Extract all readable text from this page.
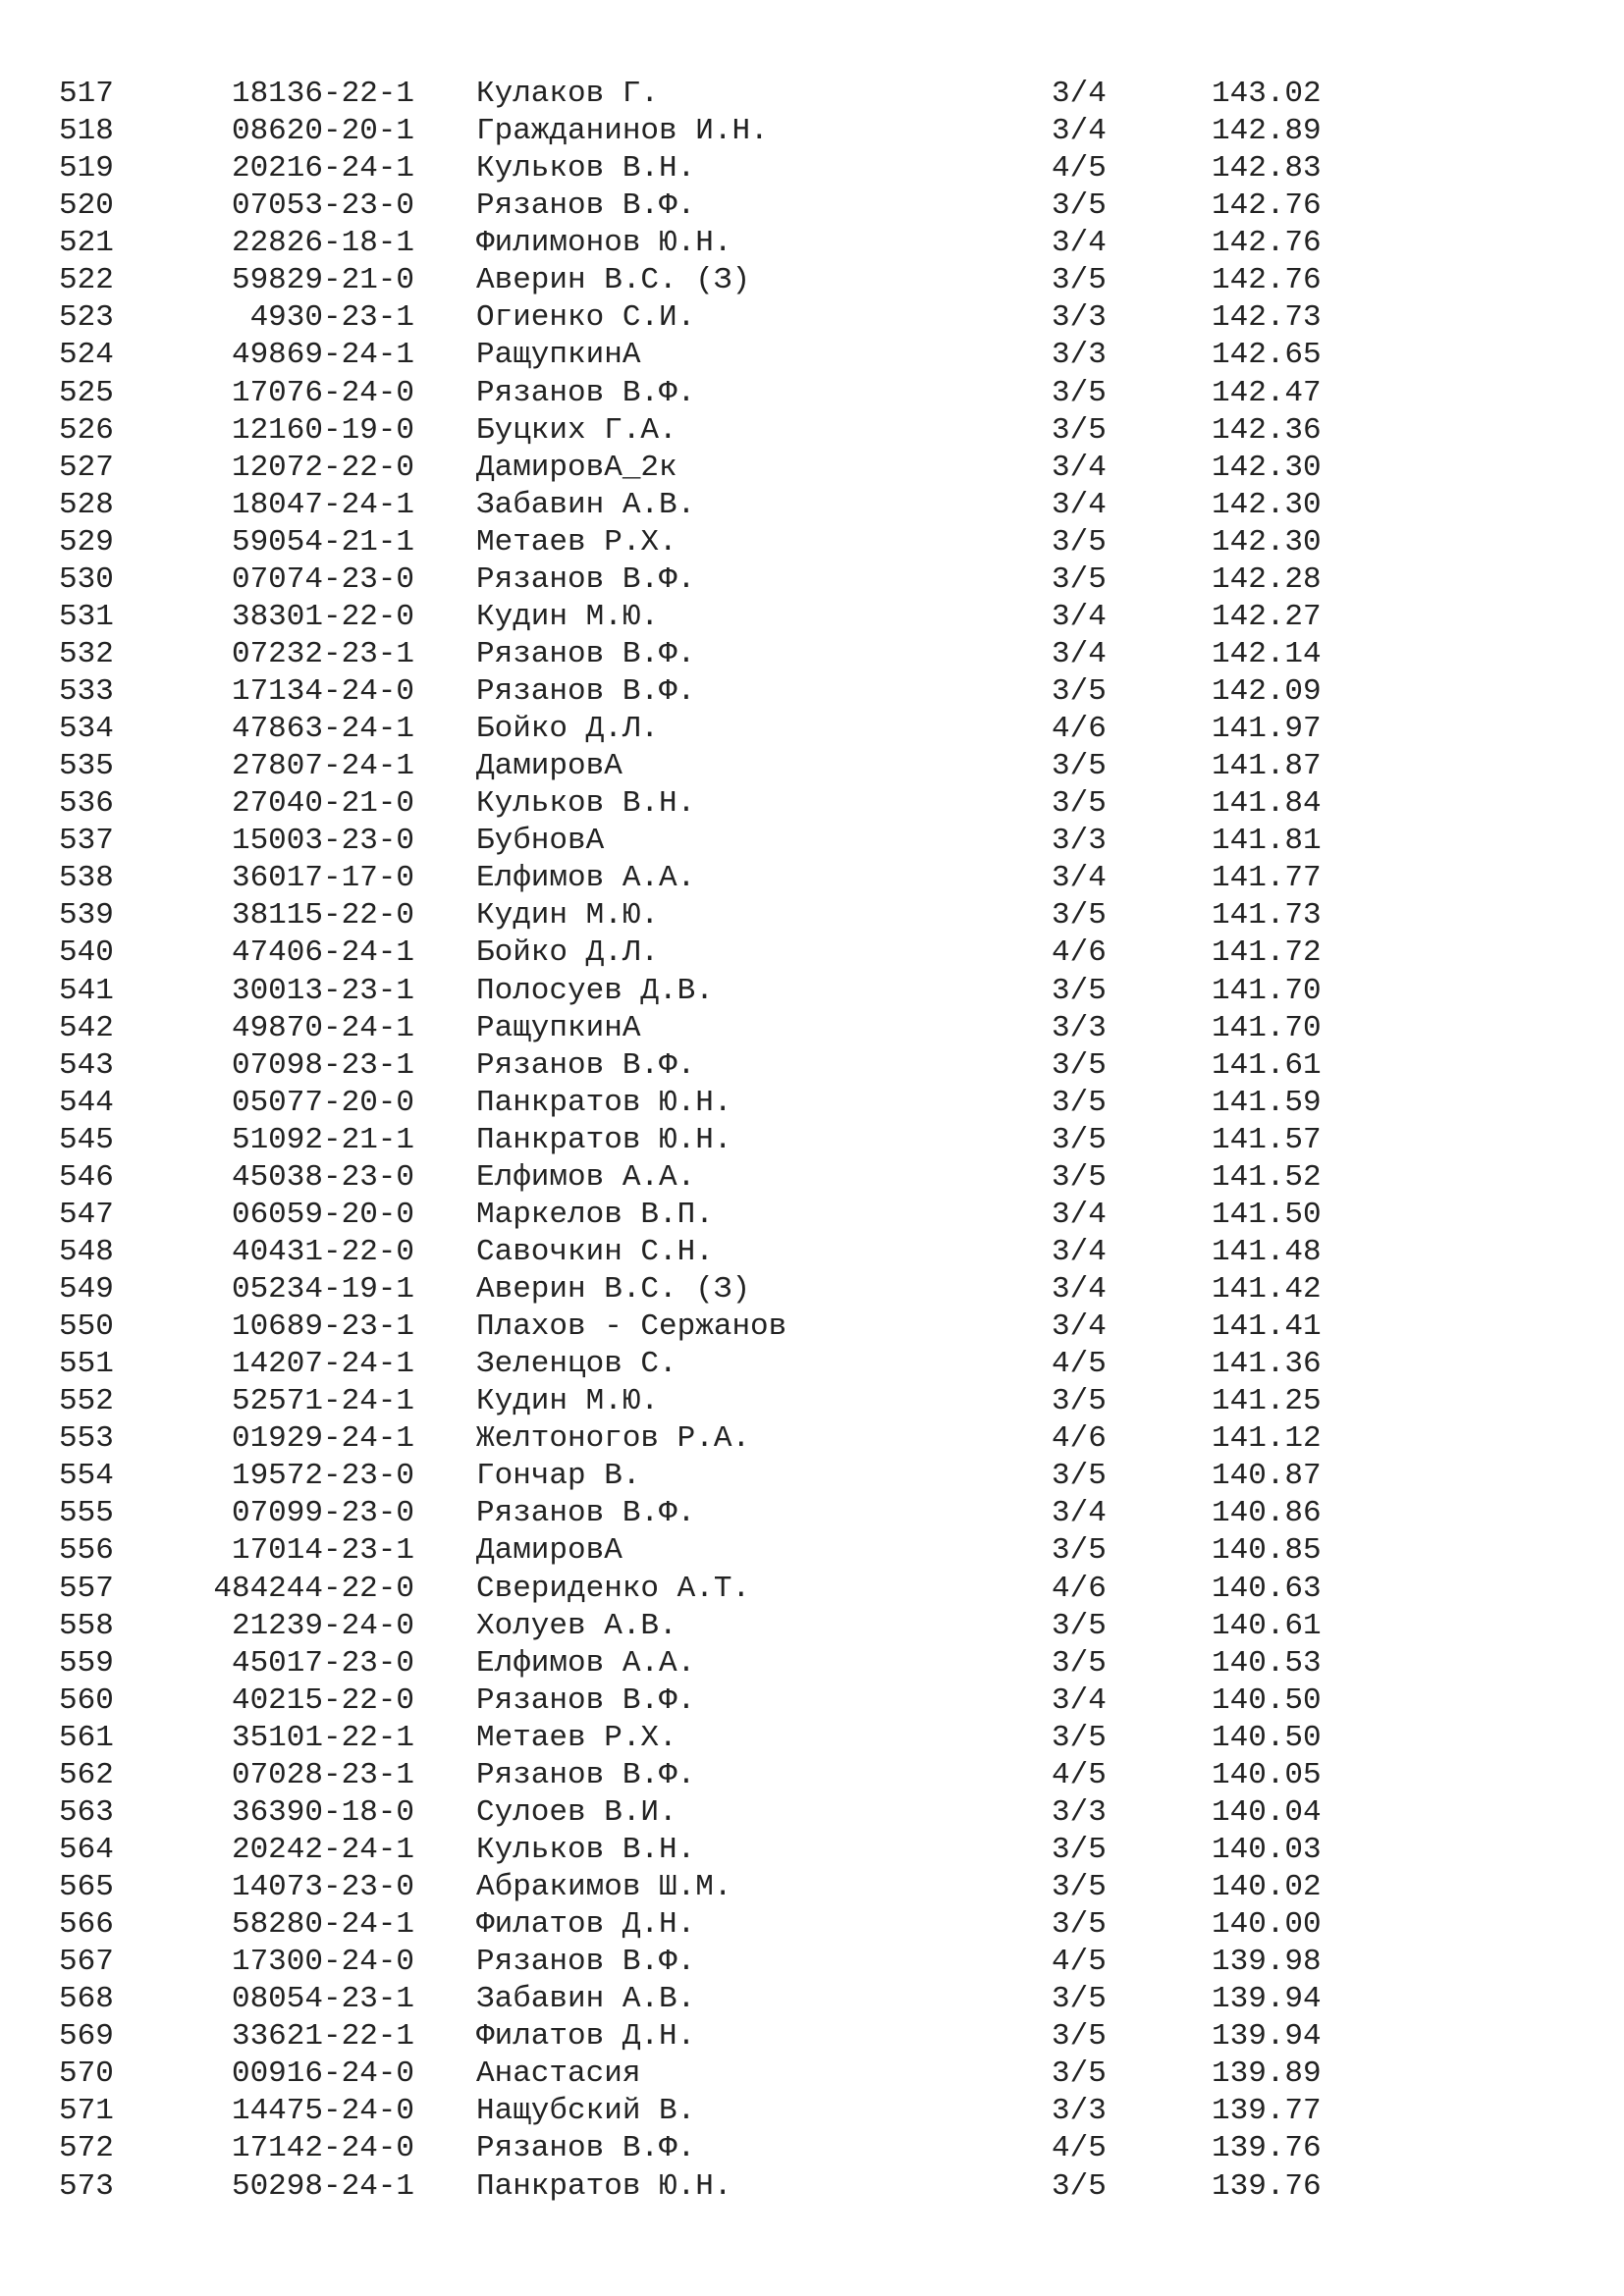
517	18136-22-1 Кулаков Г.	3/4	143.02
518	08620-20-1 Гражданинов И.Н.	3/4	142.89
519	20216-24-1 Кульков В.Н.	4/5	142.83
520	07053-23-0 Рязанов В.Ф.	3/5	142.76
521	22826-18-1 Филимонов Ю.Н.	3/4	142.76
522	59829-21-0 Аверин В.С. (З)	3/5	142.76
523	4930-23-1 Огиенко С.И.	3/3	142.73
524	49869-24-1 РащупкинА	3/3	142.65
525	17076-24-0 Рязанов В.Ф.	3/5	142.47
526	12160-19-0 Буцких Г.А.	3/5	142.36
527	12072-22-0 ДамировА_2к	3/4	142.30
528	18047-24-1 Забавин А.В.	3/4	142.30
529	59054-21-1 Метаев Р.Х.	3/5	142.30
530	07074-23-0 Рязанов В.Ф.	3/5	142.28
531	38301-22-0 Кудин М.Ю.	3/4	142.27
532	07232-23-1 Рязанов В.Ф.	3/4	142.14
533	17134-24-0 Рязанов В.Ф.	3/5	142.09
534	47863-24-1 Бойко Д.Л.	4/6	141.97
535	27807-24-1 ДамировА	3/5	141.87
536	27040-21-0 Кульков В.Н.	3/5	141.84
537	15003-23-0 БубновА	3/3	141.81
538	36017-17-0 Елфимов А.А.	3/4	141.77
539	38115-22-0 Кудин М.Ю.	3/5	141.73
540	47406-24-1 Бойко Д.Л.	4/6	141.72
541	30013-23-1 Полосуев Д.В.	3/5	141.70
542	49870-24-1 РащупкинА	3/3	141.70
543	07098-23-1 Рязанов В.Ф.	3/5	141.61
544	05077-20-0 Панкратов Ю.Н.	3/5	141.59
545	51092-21-1 Панкратов Ю.Н.	3/5	141.57
546	45038-23-0 Елфимов А.А.	3/5	141.52
547	06059-20-0 Маркелов В.П.	3/4	141.50
548	40431-22-0 Савочкин С.Н.	3/4	141.48
549	05234-19-1 Аверин В.С. (З)	3/4	141.42
550	10689-23-1 Плахов - Сержанов	3/4	141.41
551	14207-24-1 Зеленцов С.	4/5	141.36
552	52571-24-1 Кудин М.Ю.	3/5	141.25
553	01929-24-1 Желтоногов Р.А.	4/6	141.12
554	19572-23-0 Гончар В.	3/5	140.87
555	07099-23-0 Рязанов В.Ф.	3/4	140.86
556	17014-23-1 ДамировА	3/5	140.85
557	484244-22-0 Свериденко А.Т.	4/6	140.63
558	21239-24-0 Холуев А.В.	3/5	140.61
559	45017-23-0 Елфимов А.А.	3/5	140.53
560	40215-22-0 Рязанов В.Ф.	3/4	140.50
561	35101-22-1 Метаев Р.Х.	3/5	140.50
562	07028-23-1 Рязанов В.Ф.	4/5	140.05
563	36390-18-0 Сулоев В.И.	3/3	140.04
564	20242-24-1 Кульков В.Н.	3/5	140.03
565	14073-23-0 Абракимов Ш.М.	3/5	140.02
566	58280-24-1 Филатов Д.Н.	3/5	140.00
567	17300-24-0 Рязанов В.Ф.	4/5	139.98
568	08054-23-1 Забавин А.В.	3/5	139.94
569	33621-22-1 Филатов Д.Н.	3/5	139.94
570	00916-24-0 Анастасия	3/5	139.89
571	14475-24-0 Нащубский В.	3/3	139.77
572	17142-24-0 Рязанов В.Ф.	4/5	139.76
573	50298-24-1 Панкратов Ю.Н.	3/5	139.76
